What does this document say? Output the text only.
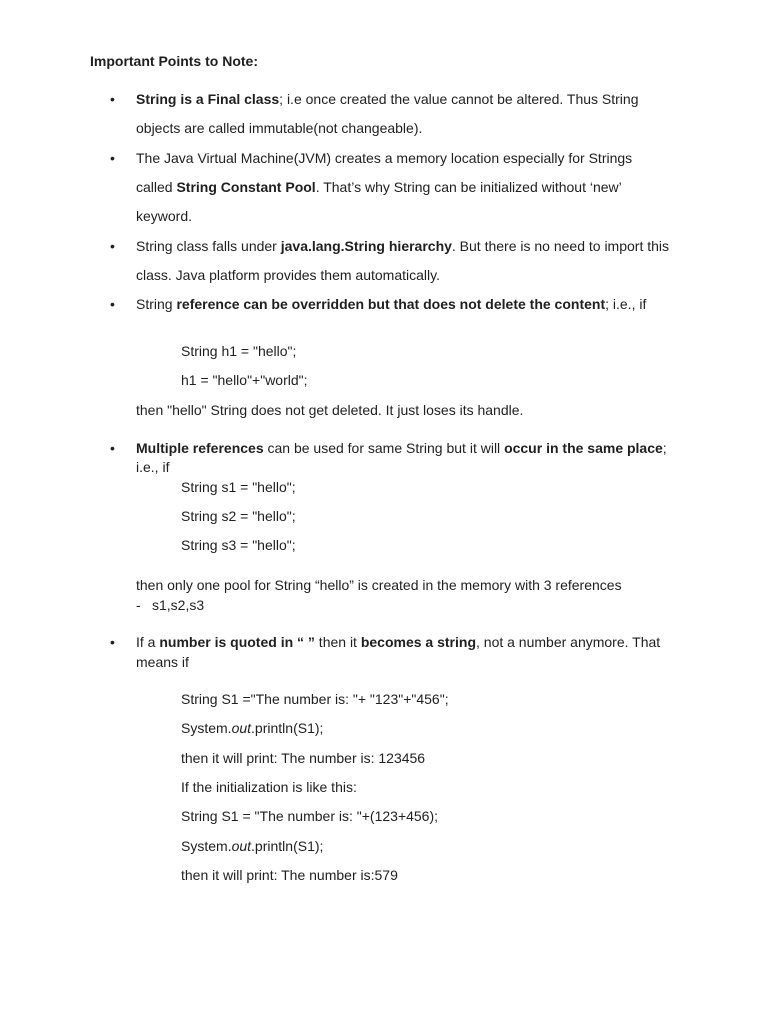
Important Points to Note:
• String is a Final class; i.e once created the value cannot be altered. Thus String
objects are called immutable(not changeable).
• The Java Virtual Machine(JVM) creates a memory location especially for Strings
called String Constant Pool. That’s why String can be initialized without ‘new’
keyword.
• String class falls under java.lang.String hierarchy. But there is no need to import this
class. Java platform provides them automatically.
• String reference can be overridden but that does not delete the content; i.e., if
String h1 = "hello";
h1 = "hello"+"world";
then "hello" String does not get deleted. It just loses its handle.
• Multiple references can be used for same String but it will occur in the same place;
i.e., if
String s1 = "hello";
String s2 = "hello";
String s3 = "hello";
then only one pool for String “hello” is created in the memory with 3 references
- s1,s2,s3
• If a number is quoted in “ ” then it becomes a string, not a number anymore. That
means if
String S1 ="The number is: "+ "123"+"456";
System.out.println(S1);
then it will print: The number is: 123456
If the initialization is like this:
String S1 = "The number is: "+(123+456);
System.out.println(S1);
then it will print: The number is:579
